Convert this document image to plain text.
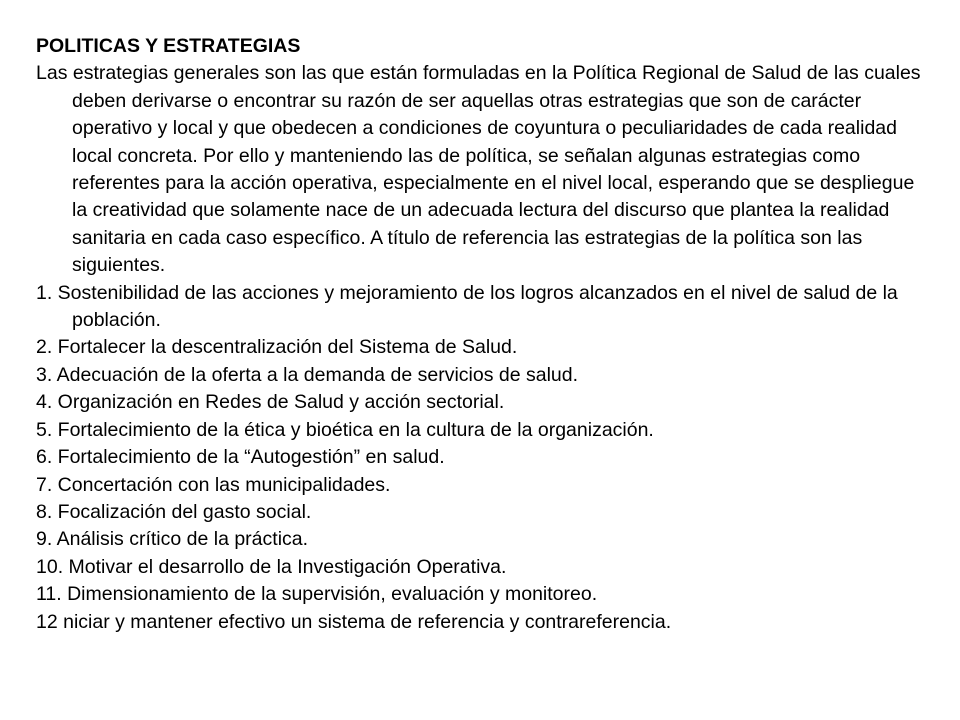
POLITICAS Y ESTRATEGIAS

Las estrategias generales son las que están formuladas en la Política Regional de Salud de las cuales deben derivarse o encontrar su razón de ser aquellas otras estrategias que son de carácter operativo y local y que obedecen a condiciones de coyuntura o peculiaridades de cada realidad local concreta. Por ello y manteniendo las de política, se señalan algunas estrategias como referentes para la acción operativa, especialmente en el nivel local, esperando que se despliegue la creatividad que solamente nace de un adecuada lectura del discurso que plantea la realidad sanitaria en cada caso específico. A título de referencia las estrategias de la política son las siguientes.

1. Sostenibilidad de las acciones y mejoramiento de los logros alcanzados en el nivel de salud de la población.

2. Fortalecer la descentralización del Sistema de Salud.

3. Adecuación de la oferta a la demanda de servicios de salud.

4. Organización en Redes de Salud y acción sectorial.

5. Fortalecimiento de la ética y bioética en la cultura de la organización.

6. Fortalecimiento de la “Autogestión” en salud.

7. Concertación con las municipalidades.

8. Focalización del gasto social.

9. Análisis crítico de la práctica.

10. Motivar el desarrollo de la Investigación Operativa.

11. Dimensionamiento de la supervisión, evaluación y monitoreo.

12 niciar y mantener efectivo un sistema de referencia y contrareferencia.
